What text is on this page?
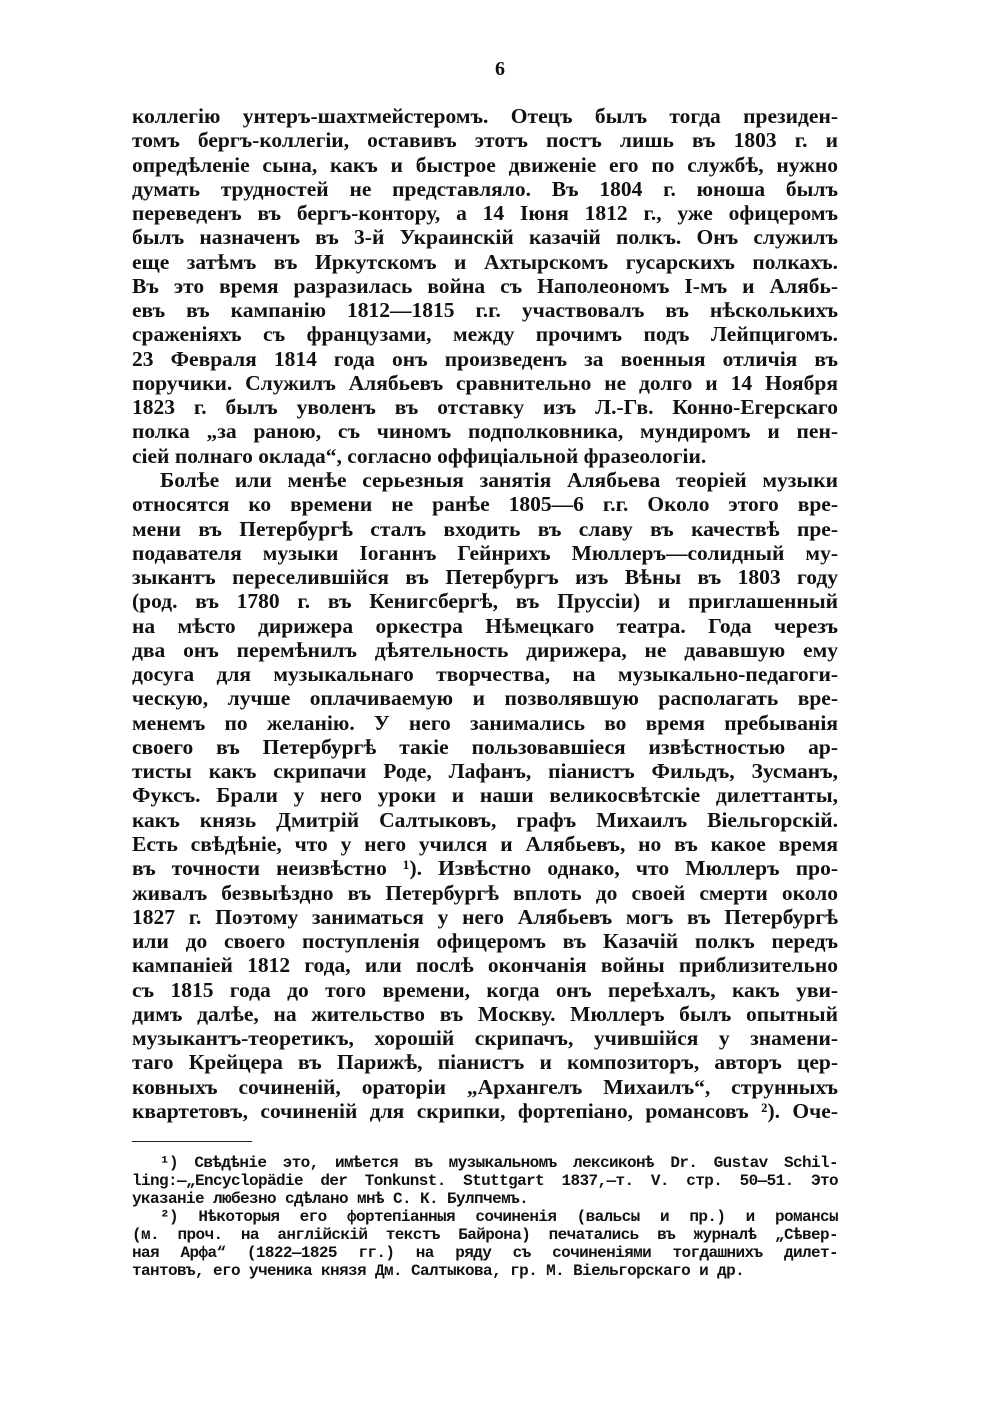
6
коллегію унтеръ-шахтмейстеромъ. Отецъ былъ тогда президен-
томъ бергъ-коллегіи, оставивъ этотъ постъ лишь въ 1803 г. и
опредѣленіе сына, какъ и быстрое движеніе его по службѣ, нужно
думать трудностей не представляло. Въ 1804 г. юноша былъ
переведенъ въ бергъ-контору, а 14 Іюня 1812 г., уже офицеромъ
былъ назначенъ въ 3-й Украинскій казачій полкъ. Онъ служилъ
еще затѣмъ въ Иркутскомъ и Ахтырскомъ гусарскихъ полкахъ.
Въ это время разразилась война съ Наполеономъ I-мъ и Алябь-
евъ въ кампанію 1812—1815 г.г. участвовалъ въ нѣсколькихъ
сраженіяхъ съ французами, между прочимъ подъ Лейпцигомъ.
23 Февраля 1814 года онъ произведенъ за военныя отличія въ
поручики. Служилъ Алябьевъ сравнительно не долго и 14 Ноября
1823 г. былъ уволенъ въ отставку изъ Л.-Гв. Конно-Егерскаго
полка „за раною, съ чиномъ подполковника, мундиромъ и пен-
сіей полнаго оклада“, согласно оффиціальной фразеологіи.
Болѣе или менѣе серьезныя занятія Алябьева теоріей музыки
относятся ко времени не ранѣе 1805—6 г.г. Около этого вре-
мени въ Петербургѣ сталъ входить въ славу въ качествѣ пре-
подавателя музыки Іоганнъ Гейнрихъ Мюллеръ—солидный му-
зыкантъ переселившійся въ Петербургъ изъ Вѣны въ 1803 году
(род. въ 1780 г. въ Кенигсбергѣ, въ Пруссіи) и приглашенный
на мѣсто дирижера оркестра Нѣмецкаго театра. Года черезъ
два онъ перемѣнилъ дѣятельность дирижера, не дававшую ему
досуга для музыкальнаго творчества, на музыкально-педагоги-
ческую, лучше оплачиваемую и позволявшую располагать вре-
менемъ по желанію. У него занимались во время пребыванія
своего въ Петербургѣ такіе пользовавшіеся извѣстностью ар-
тисты какъ скрипачи Роде, Лафанъ, піанистъ Фильдъ, Зусманъ,
Фуксъ. Брали у него уроки и наши великосвѣтскіе дилеттанты,
какъ князь Дмитрій Салтыковъ, графъ Михаилъ Віельгорскій.
Есть свѣдѣніе, что у него учился и Алябьевъ, но въ какое время
въ точности неизвѣстно ¹). Извѣстно однако, что Мюллеръ про-
живалъ безвыѣздно въ Петербургѣ вплоть до своей смерти около
1827 г. Поэтому заниматься у него Алябьевъ могъ въ Петербургѣ
или до своего поступленія офицеромъ въ Казачій полкъ передъ
кампаніей 1812 года, или послѣ окончанія войны приблизительно
съ 1815 года до того времени, когда онъ переѣхалъ, какъ уви-
димъ далѣе, на жительство въ Москву. Мюллеръ былъ опытный
музыкантъ-теоретикъ, хорошій скрипачъ, учившійся у знамени-
таго Крейцера въ Парижѣ, піанистъ и композиторъ, авторъ цер-
ковныхъ сочиненій, ораторіи „Архангелъ Михаилъ“, струнныхъ
квартетовъ, сочиненій для скрипки, фортепіано, романсовъ ²). Оче-
¹) Свѣдѣніе это, имѣется въ музыкальномъ лексиконѣ Dr. Gustav Schil-
ling:—„Encyclopädie der Tonkunst. Stuttgart 1837,—т. V. стр. 50—51. Это
указаніе любезно сдѣлано мнѣ С. К. Булпчемъ.
²) Нѣкоторыя его фортепіанныя сочиненія (вальсы и пр.) и романсы
(м. проч. на англійскій текстъ Байрона) печатались въ журналѣ „Сѣвер-
ная Арфа“ (1822—1825 гг.) на ряду съ сочиненіями тогдашнихъ дилет-
тантовъ, его ученика князя Дм. Салтыкова, гр. М. Віельгорскаго и др.
